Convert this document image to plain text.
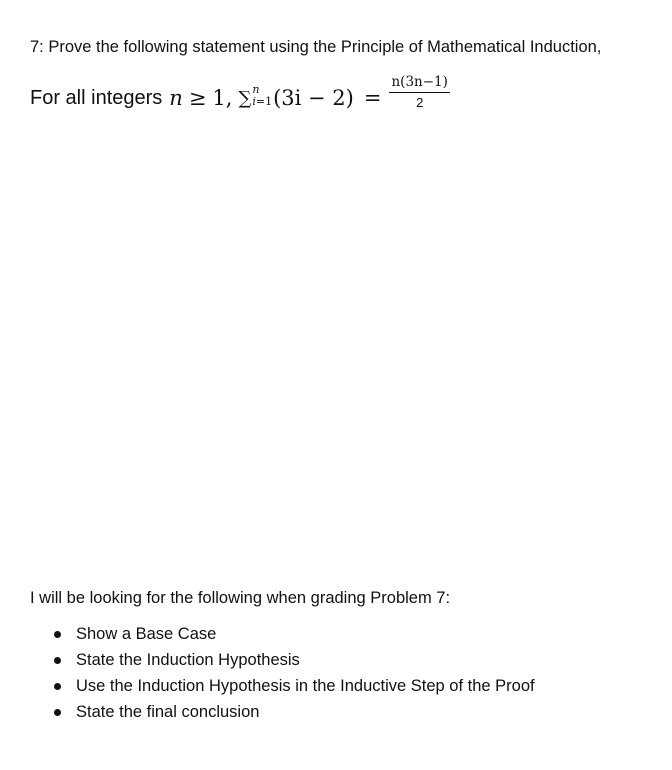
7: Prove the following statement using the Principle of Mathematical Induction,
For all integers n ≥ 1 , ∑ n
i=1 $(3i - 2) = \frac{n(3n-1)}{2}$
I will be looking for the following when grading Problem 7:
Show a Base Case
State the Induction Hypothesis
Use the Induction Hypothesis in the Inductive Step of the Proof
State the final conclusion
